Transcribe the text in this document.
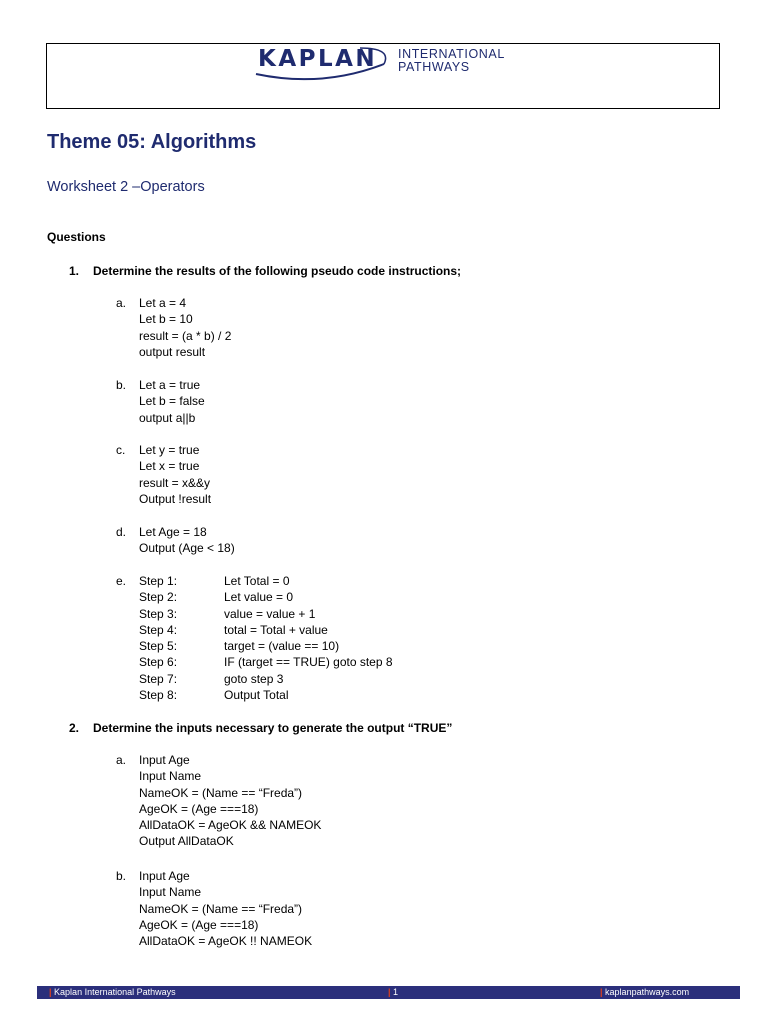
KAPLAN INTERNATIONAL
PATHWAYS
Theme 05: Algorithms
Worksheet 2 –Operators
Questions
1. Determine the results of the following pseudo code instructions;
a. Let a = 4
Let b = 10
result = (a * b) / 2
output result
b. Let a = true
Let b = false
output a||b
c. Let y = true
Let x = true
result = x&&y
Output !result
d. Let Age = 18
Output (Age < 18)
e. Step 1:
Step 2:
Step 3:
Step 4:
Step 5:
Step 6:
Step 7:
Step 8:
Let Total = 0
Let value = 0
value = value + 1
total = Total + value
target = (value == 10)
IF (target == TRUE) goto step 8
goto step 3
Output Total
2. Determine the inputs necessary to generate the output “TRUE”
a. Input Age
Input Name
NameOK = (Name == “Freda”)
AgeOK = (Age ===18)
AllDataOK = AgeOK && NAMEOK
Output AllDataOK
b. Input Age
Input Name
NameOK = (Name == “Freda”)
AgeOK = (Age ===18)
AllDataOK = AgeOK !! NAMEOK
| Kaplan International Pathways	| 1	| kaplanpathways.com
